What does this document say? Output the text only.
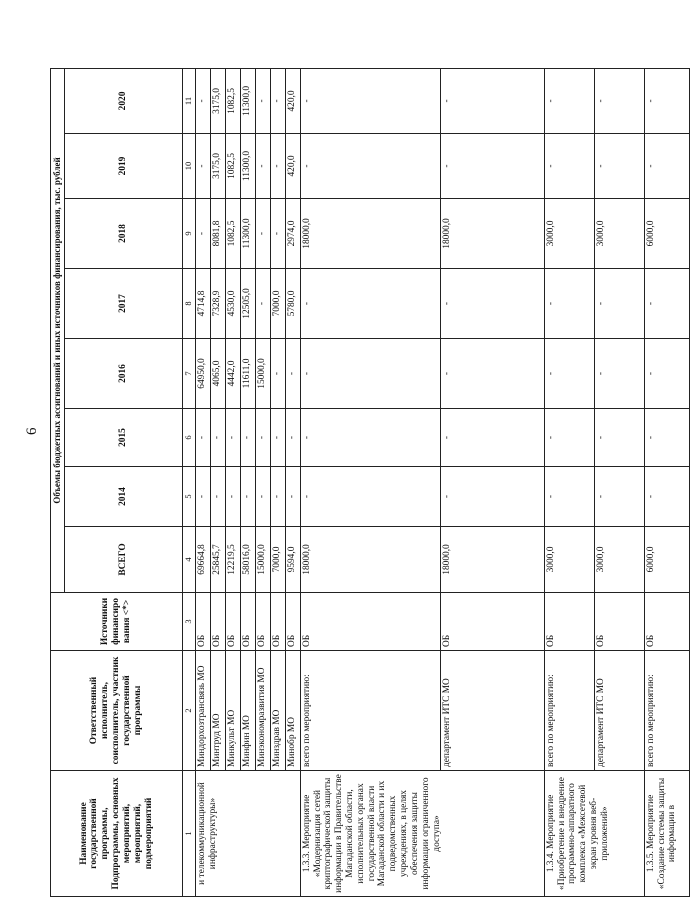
6
Наименование государственной программы, Подпрограммы, основных мероприятий, мероприятий, подмероприятий	Ответственный исполнитель, соисполнитель, участник государственной программы	Источники финансиро вания <*>	Объемы бюджетных ассигнований и иных источников финансирования, тыс. рублей							
			ВСЕГО	2014	2015	2016	2017	2018	2019	2020
1	2	3	4	5	6	7	8	9	10	11
и телекоммуникационной инфраструктуры»	Миндорхозтрансвязь МО	ОБ	69664,8	-	-	64950,0	4714,8	-	-	-
	Минтруд МО	ОБ	25845,7	-	-	4065,0	7328,9	8081,8	3175,0	3175,0
	Минкульт МО	ОБ	12219,5	-	-	4442,0	4530,0	1082,5	1082,5	1082,5
	Минфин МО	ОБ	58016,0	-	-	11611,0	12505,0	11300,0	11300,0	11300,0
	Минэкономразвития МО	ОБ	15000,0	-	-	15000,0	-	-	-	-
	Минздрав МО	ОБ	7000,0	-	-	-	7000,0	-	-	-
	Минобр МО	ОБ	9594,0	-	-	-	5780,0	2974,0	420,0	420,0
1.3.3. Мероприятие «Модернизация сетей криптографической защиты информации в Правительстве Магаданской области, исполнительных органах государственной власти Магаданской области и их подведомственных учреждениях, в целях обеспечения защиты информации ограниченного доступа»	всего по мероприятию:	ОБ	18000,0	-	-	-	-	18000,0	-	-
	департамент ИТС МО	ОБ	18000,0	-	-	-	-	18000,0	-	-
1.3.4. Мероприятие «Приобретение и внедрение программно-аппаратного комплекса «Межсетевой экран уровня веб-приложений»	всего по мероприятию:	ОБ	3000,0	-	-	-	-	3000,0	-	-
	департамент ИТС МО	ОБ	3000,0	-	-	-	-	3000,0	-	-
1.3.5. Мероприятие «Создание системы защиты информации в	всего по мероприятию:	ОБ	6000,0	-	-	-	-	6000,0	-	-
